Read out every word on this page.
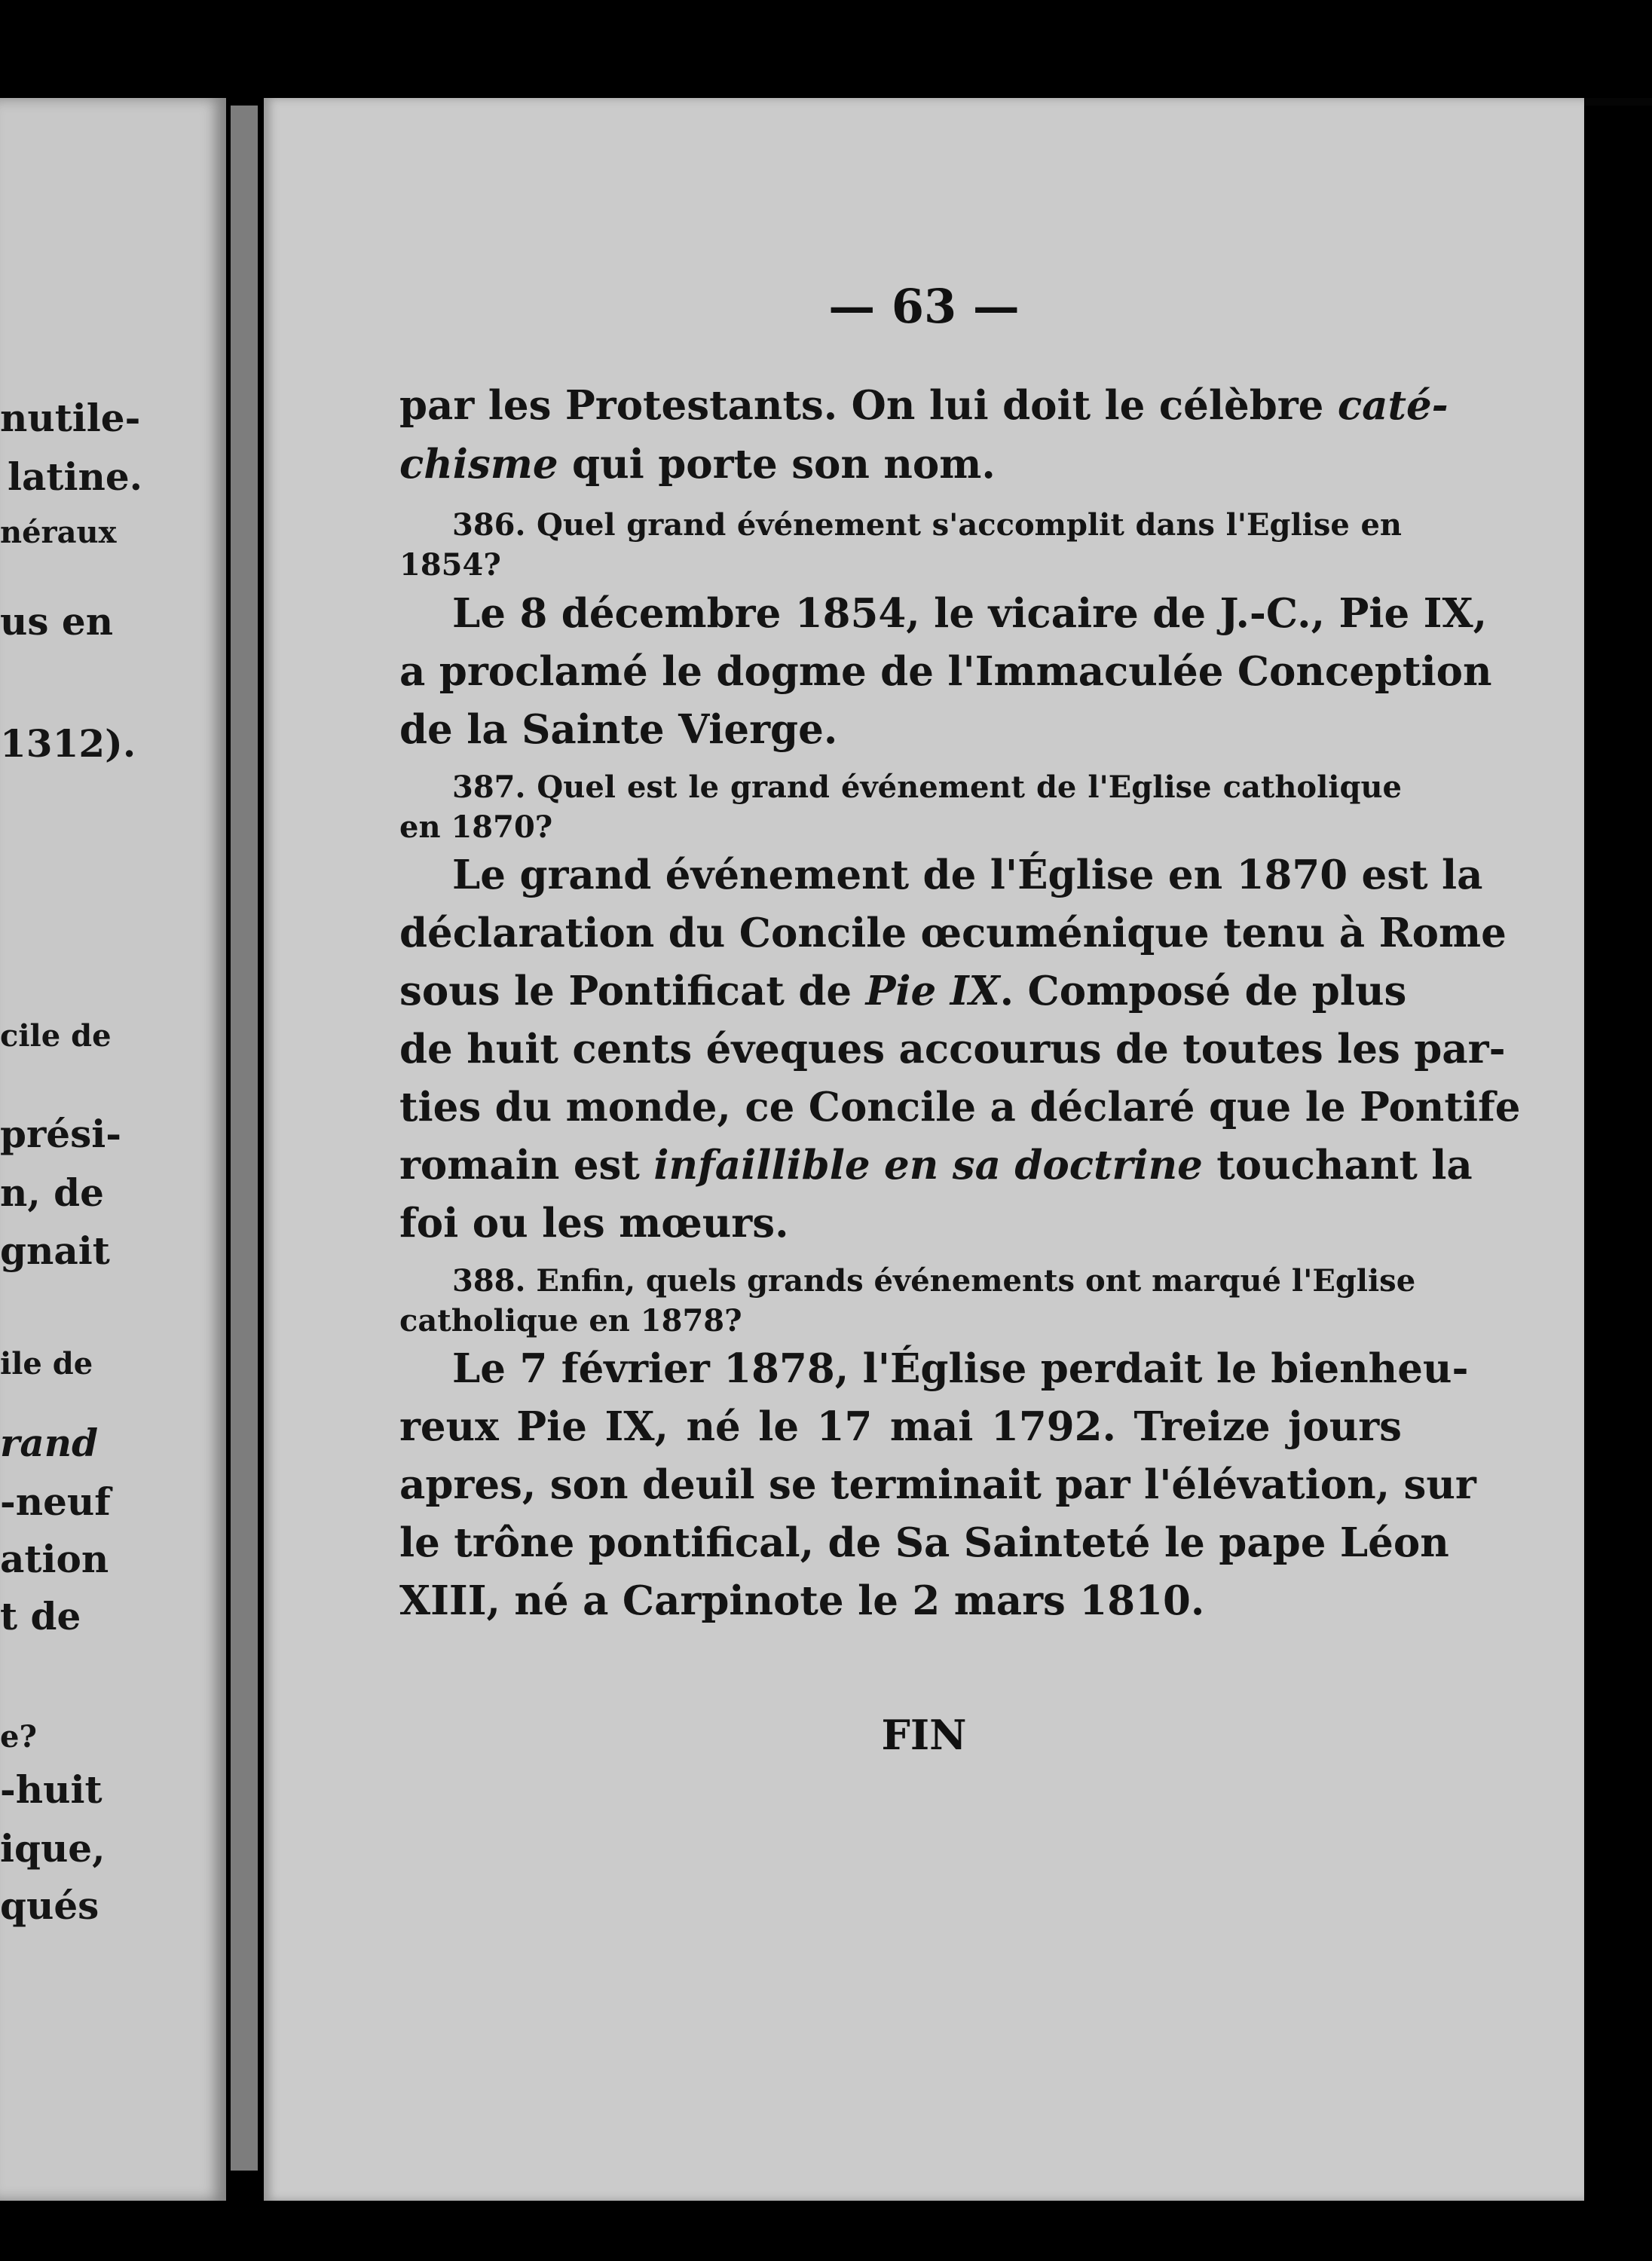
nutile-
latine.
néraux
us en
1312).
cile de
prési-
n, de
gnait
ile de
rand
-neuf
ation
t de
e?
-huit
ique,
qués
— 63 —

par les Protestants. On lui doit le célèbre caté-

chisme qui porte son nom.

386. Quel grand événement s'accomplit dans l'Eglise en

1854?

Le 8 décembre 1854, le vicaire de J.-C., Pie IX,

a proclamé le dogme de l'Immaculée Conception

de la Sainte Vierge.

387. Quel est le grand événement de l'Eglise catholique

en 1870?

Le grand événement de l'Église en 1870 est la

déclaration du Concile œcuménique tenu à Rome

sous le Pontificat de Pie IX. Composé de plus

de huit cents éveques accourus de toutes les par-

ties du monde, ce Concile a déclaré que le Pontife

romain est infaillible en sa doctrine touchant la

foi ou les mœurs.

388. Enfin, quels grands événements ont marqué l'Eglise

catholique en 1878?

Le 7 février 1878, l'Église perdait le bienheu-

reux Pie IX, né le 17 mai 1792. Treize jours

apres, son deuil se terminait par l'élévation, sur

le trône pontifical, de Sa Sainteté le pape Léon

XIII, né a Carpinote le 2 mars 1810.

FIN
